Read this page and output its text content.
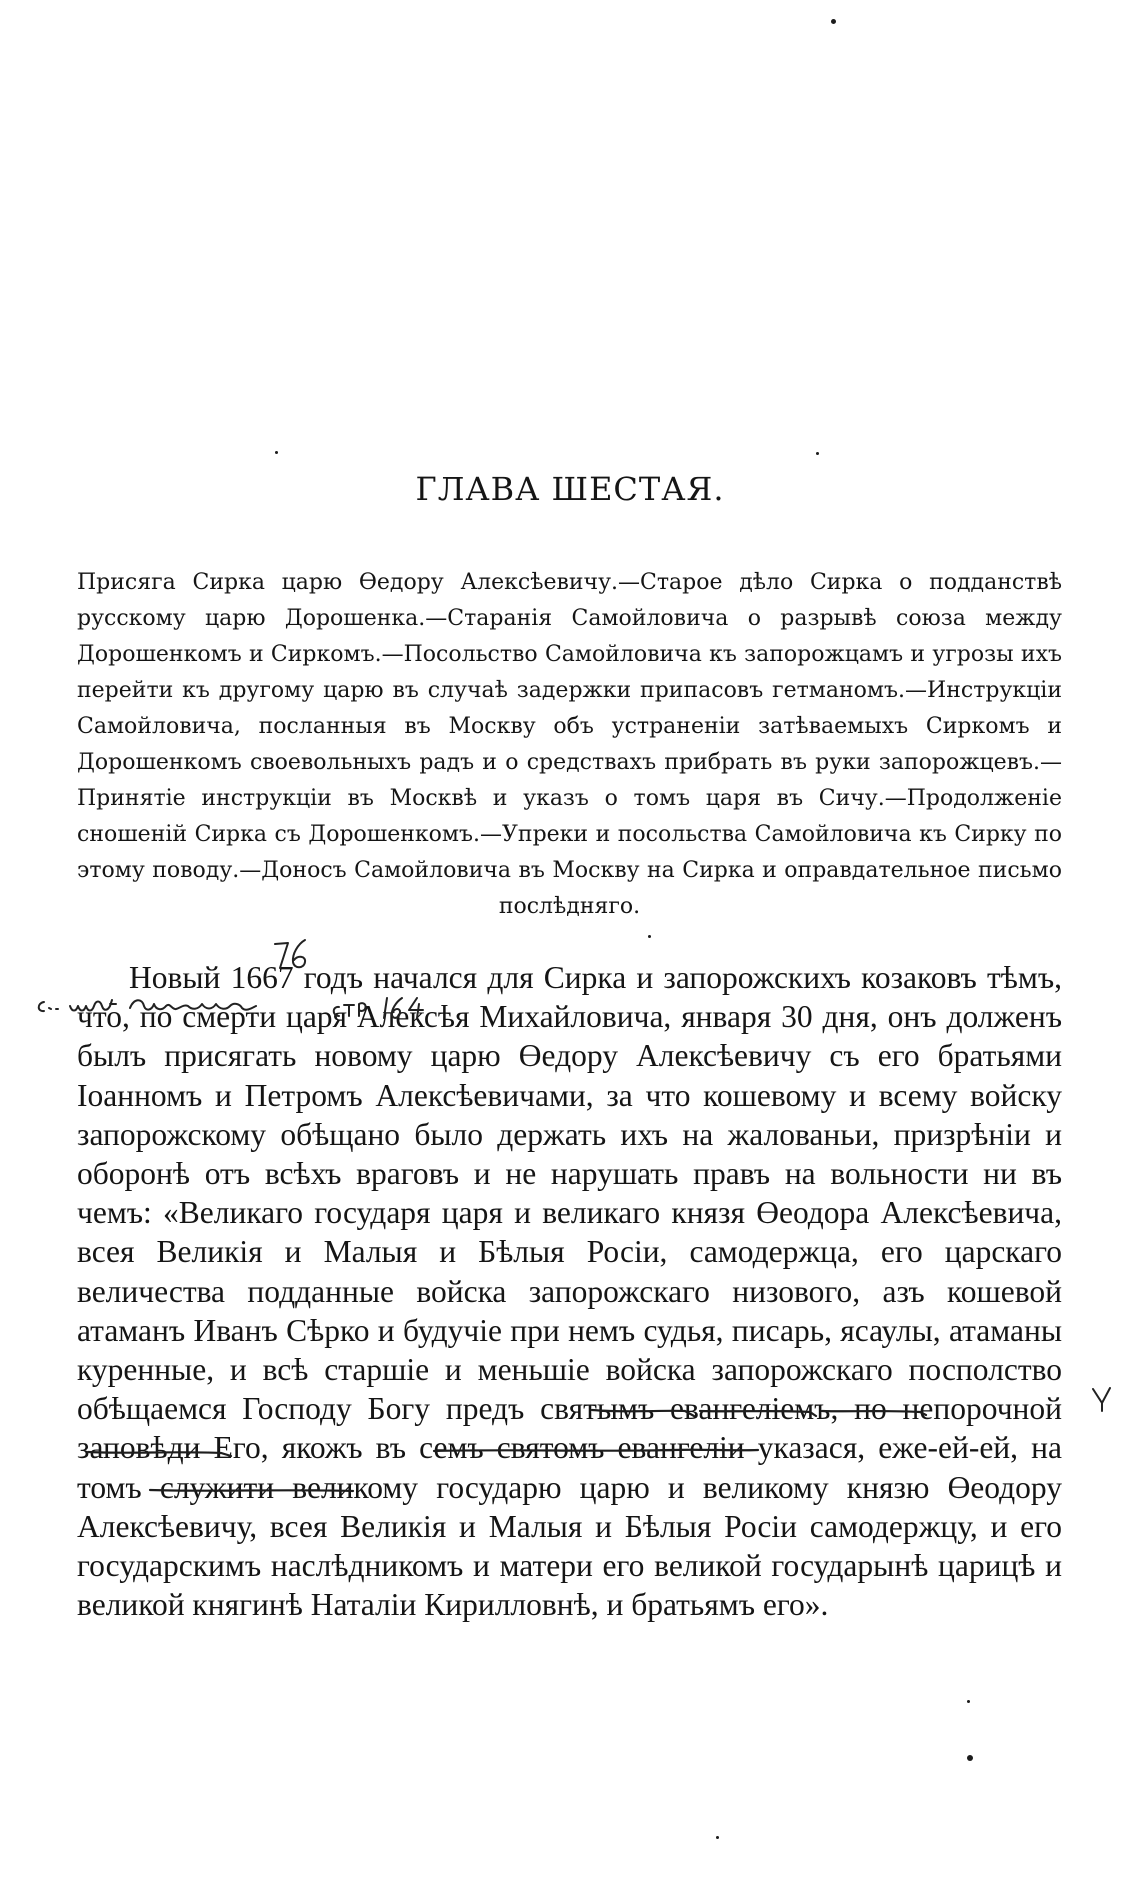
ГЛАВА ШЕСТАЯ.
Присяга Сирка царю Өедору Алексѣевичу.—Старое дѣло Сирка о подданствѣ русскому царю Дорошенка.—Старанія Самойловича о разрывѣ союза между Дорошенкомъ и Сиркомъ.—Посольство Самойловича къ запорожцамъ и угрозы ихъ перейти къ другому царю въ случаѣ задержки припасовъ гетманомъ.—Инструкціи Самойловича, посланныя въ Москву объ устраненіи затѣваемыхъ Сиркомъ и Дорошенкомъ своевольныхъ радъ и о средствахъ прибрать въ руки запорожцевъ.—Принятіе инструкціи въ Москвѣ и указъ о томъ царя въ Сичу.—Продолженіе сношеній Сирка съ Дорошенкомъ.—Упреки и посольства Самойловича къ Сирку по этому поводу.—Доносъ Самойловича въ Москву на Сирка и оправдательное письмо послѣдняго.

Новый 1667 годъ начался для Сирка и запорожскихъ козаковъ тѣмъ, что, по смерти царя Алексѣя Михайловича, января 30 дня, онъ долженъ былъ присягать новому царю Өедору Алексѣевичу съ его братьями Іоанномъ и Петромъ Алексѣевичами, за что кошевому и всему войску запорожскому обѣщано было держать ихъ на жалованьи, призрѣніи и оборонѣ отъ всѣхъ враговъ и не нарушать правъ на вольности ни въ чемъ: «Великаго государя царя и великаго князя Өеодора Алексѣевича, всея Великія и Малыя и Бѣлыя Росіи, самодержца, его царскаго величества подданные войска запорожскаго низового, азъ кошевой атаманъ Иванъ Сѣрко и будучіе при немъ судья, писарь, ясаулы, атаманы куренные, и всѣ старшіе и меньшіе войска запорожскаго посполство обѣщаемся Господу Богу предъ святымъ евангеліемъ, по непорочной заповѣди Его, якожъ въ семъ святомъ евангеліи указася, еже-ей-ей, на томъ служити великому государю царю и великому князю Өеодору Алексѣевичу, всея Великія и Малыя и Бѣлыя Росіи самодержцу, и его государскимъ наслѣдникомъ и матери его великой государынѣ царицѣ и великой княгинѣ Наталіи Кирилловнѣ, и братьямъ его».
